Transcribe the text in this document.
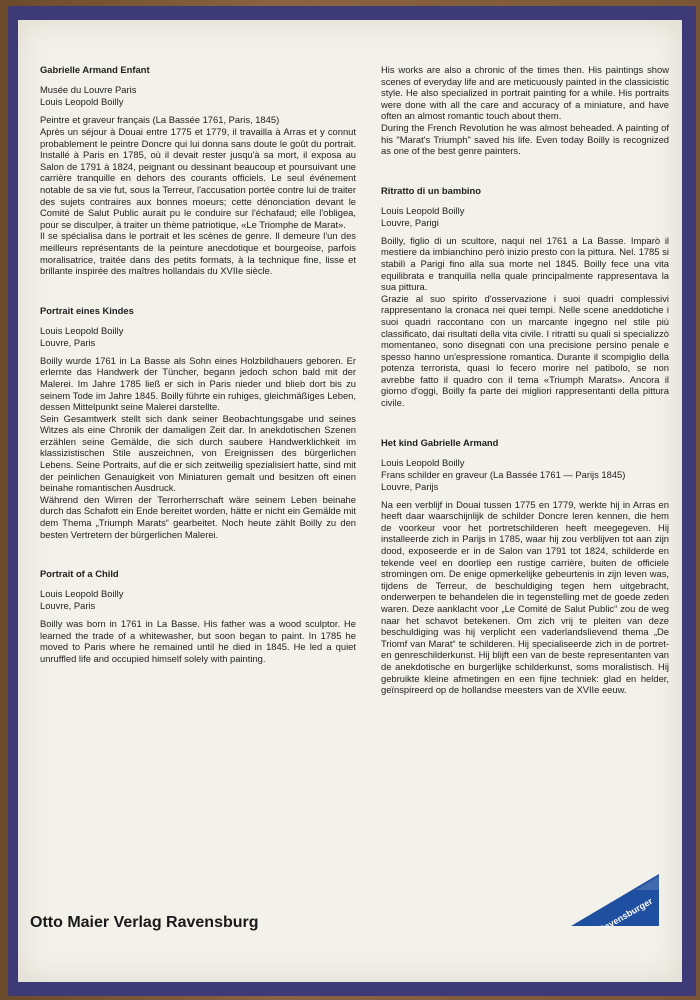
Gabrielle Armand Enfant

Musée du Louvre Paris

Louis Leopold Boilly

Peintre et graveur français (La Bassée 1761, Paris, 1845)

Après un séjour à Douai entre 1775 et 1779, il travailla à Arras et y connut probablement le peintre Doncre qui lui donna sans doute le goût du portrait. Installé à Paris en 1785, où il devait rester jusqu'à sa mort, il exposa au Salon de 1791 à 1824, peignant ou dessinant beaucoup et poursuivant une carrière tranquille en dehors des courants officiels. Le seul événement notable de sa vie fut, sous la Terreur, l'accusation portée contre lui de traiter des sujets contraires aux bonnes moeurs; cette dénonciation devant le Comité de Salut Public aurait pu le conduire sur l'échafaud; elle l'obligea, pour se disculper, à traiter un thème patriotique, «Le Triomphe de Marat».
Il se spécialisa dans le portrait et les scènes de genre. Il demeure l'un des meilleurs représentants de la peinture anecdotique et bourgeoise, parfois moralisatrice, traitée dans des petits formats, à la technique fine, lisse et brillante inspirée des maîtres hollandais du XVIIe siècle.

Portrait eines Kindes

Louis Leopold Boilly

Louvre, Paris

Boilly wurde 1761 in La Basse als Sohn eines Holzbildhauers geboren. Er erlernte das Handwerk der Tüncher, begann jedoch schon bald mit der Malerei. Im Jahre 1785 ließ er sich in Paris nieder und blieb dort bis zu seinem Tode im Jahre 1845. Boilly führte ein ruhiges, gleichmäßiges Leben, dessen Mittelpunkt seine Malerei darstellte.
Sein Gesamtwerk stellt sich dank seiner Beobachtungsgabe und seines Witzes als eine Chronik der damaligen Zeit dar. In anekdotischen Szenen erzählen seine Gemälde, die sich durch saubere Handwerklichkeit im klassizistischen Stile auszeichnen, von Ereignissen des bürgerlichen Lebens. Seine Portraits, auf die er sich zeitweilig spezialisiert hatte, sind mit der peinlichen Genauigkeit von Miniaturen gemalt und besitzen oft einen beinahe romantischen Ausdruck.
Während den Wirren der Terrorherrschaft wäre seinem Leben beinahe durch das Schafott ein Ende bereitet worden, hätte er nicht ein Gemälde mit dem Thema „Triumph Marats“ gearbeitet. Noch heute zählt Boilly zu den besten Vertretern der bürgerlichen Malerei.

Portrait of a Child

Louis Leopold Boilly

Louvre, Paris

Boilly was born in 1761 in La Basse. His father was a wood sculptor. He learned the trade of a whitewasher, but soon began to paint. In 1785 he moved to Paris where he remained until he died in 1845. He led a quiet unruffled life and occupied himself solely with painting.

His works are also a chronic of the times then. His paintings show scenes of everyday life and are meticuously painted in the classicistic style. He also specialized in portrait painting for a while. His portraits were done with all the care and accuracy of a miniature, and have often an almost romantic touch about them.
During the French Revolution he was almost beheaded. A painting of his "Marat's Triumph" saved his life. Even today Boilly is recognized as one of the best genre painters.

Ritratto di un bambino

Louis Leopold Boilly

Louvre, Parigi

Boilly, figlio di un scultore, naqui nel 1761 a La Basse. Imparò il mestiere da imbianchino però inizio presto con la pittura. Nel. 1785 si stabilì a Parigi fino alla sua morte nel 1845. Boilly fece una vita equilibrata e tranquilla nella quale principalmente rappresentava la sua pittura.
Grazie al suo spirito d'osservazione i suoi quadri complessivi rappresentano la cronaca nei quei tempi. Nelle scene aneddotiche i suoi quadri raccontano con un marcante ingegno nel stile più classificato, dai risultati della vita civile. I ritratti su quali si specializzò momentaneo, sono disegnati con una precisione persino penale e spesso hanno un'espressione romantica. Durante il scompiglio della potenza terrorista, quasi lo fecero morire nel patibolo, se non avrebbe fatto il quadro con il tema «Triumph Marats». Ancora il giorno d'oggi, Boilly fa parte dei migliori rappresentanti della pittura civile.

Het kind Gabrielle Armand

Louis Leopold Boilly

Frans schilder en graveur (La Bassée 1761 — Parijs 1845)

Louvre, Parijs

Na een verblijf in Douai tussen 1775 en 1779, werkte hij in Arras en heeft daar waarschijnlijk de schilder Doncre leren kennen, die hem de voorkeur voor het portretschilderen heeft meegegeven. Hij installeerde zich in Parijs in 1785, waar hij zou verblijven tot aan zijn dood, exposeerde er in de Salon van 1791 tot 1824, schilderde en tekende veel en doorliep een rustige carrière, buiten de officiele stromingen om. De enige opmerkelijke gebeurtenis in zijn leven was, tijdens de Terreur, de beschuldiging tegen hem uitgebracht, onderwerpen te behandelen die in tegenstelling met de goede zeden waren. Deze aanklacht voor „Le Comité de Salut Public“ zou de weg naar het schavot betekenen. Om zich vrij te pleiten van deze beschuldiging was hij verplicht een vaderlandslievend thema „De Triomf van Marat“ te schilderen. Hij specialiseerde zich in de portret- en genreschilderkunst. Hij blijft een van de beste representanten van de anekdotische en burgerlijke schilderkunst, soms moralistisch. Hij gebruikte kleine afmetingen en een fijne techniek: glad en helder, geïnspireerd op de hollandse meesters van de XVIIe eeuw.

Otto Maier Verlag Ravensburg	Ravensburger
